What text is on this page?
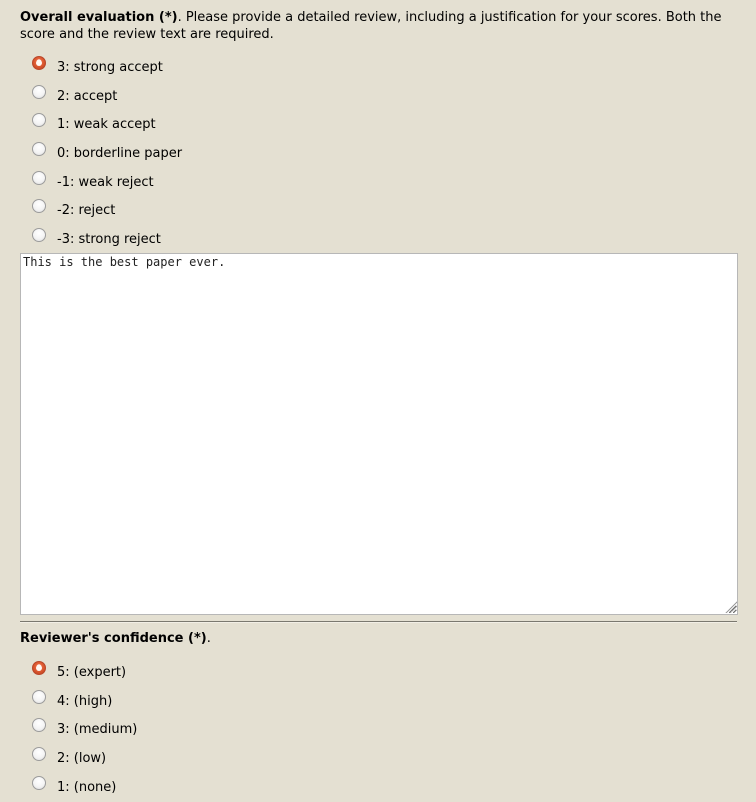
Overall evaluation (*). Please provide a detailed review, including a justification for your scores. Both the score and the review text are required.
3: strong accept
2: accept
1: weak accept
0: borderline paper
-1: weak reject
-2: reject
-3: strong reject
This is the best paper ever.
Reviewer's confidence (*).
5: (expert)
4: (high)
3: (medium)
2: (low)
1: (none)
